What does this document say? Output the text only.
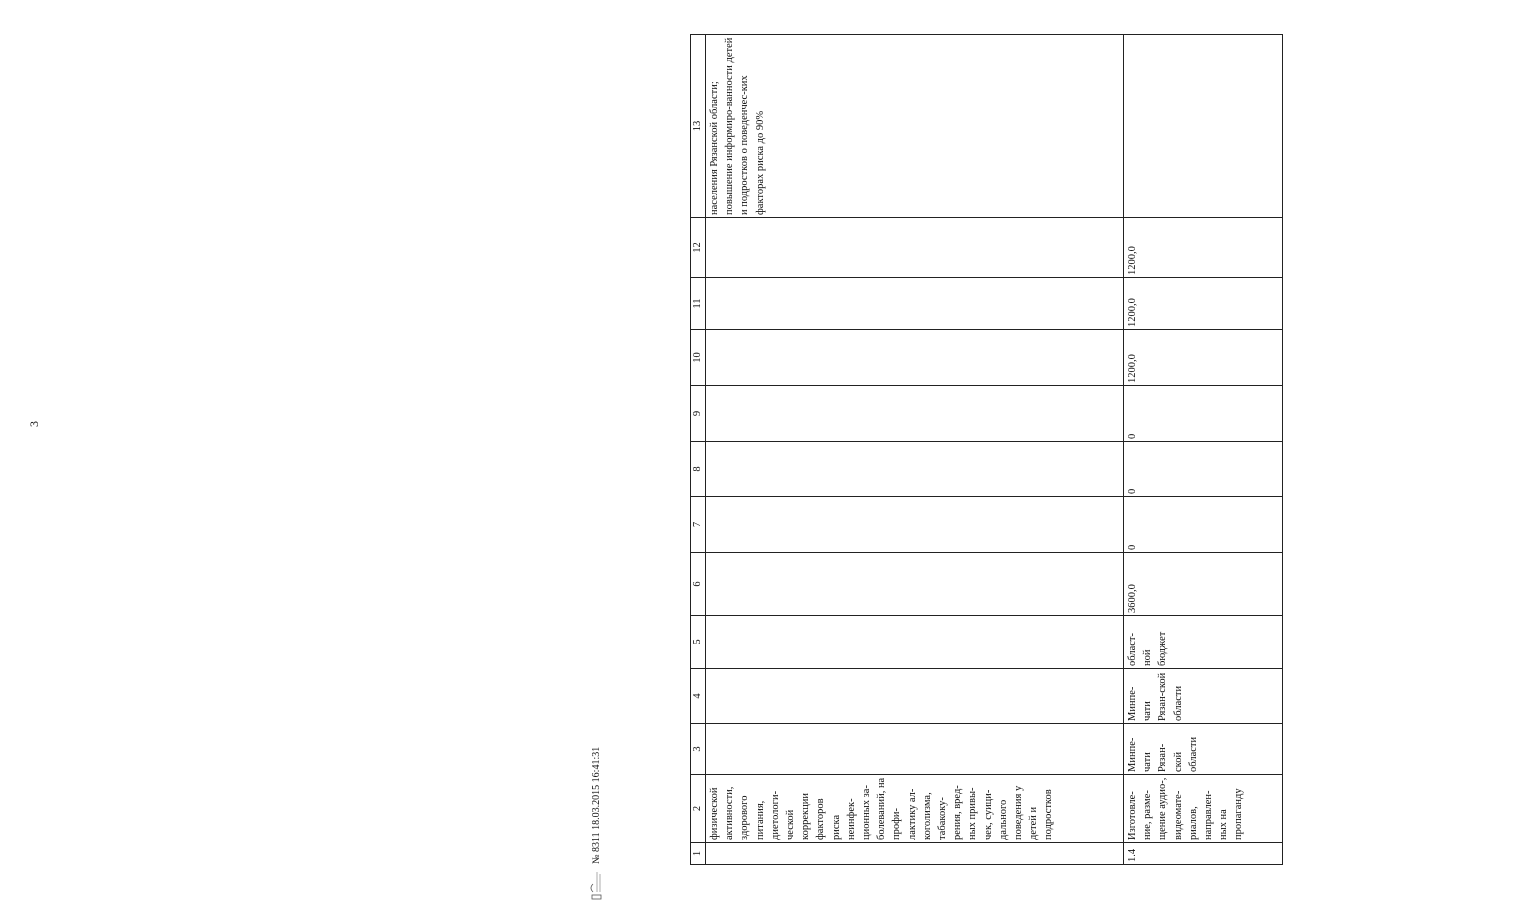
3
1	2	3	4	5	6	7	8	9	10	11	12	13
	физической активности, здорового питания, диетологи-ческой коррекции факторов риска неинфек-ционных за-болеваний, на профи-лактику ал-коголизма, табакоку-рения, вред-ных привы-чек, суици-дального поведения у детей и подростков											населения Рязанской области; повышение информиро-ванности детей и подростков о поведенчес-ких факторах риска до 90%
1.4	Изготовле-ние, разме-щение аудио-, видеомате-риалов, направлен-ных на пропаганду	Минпе-чати Рязан-ской области	Минпе-чати Рязан-ской области	област-ной бюджет	3600,0	0	0	0	1200,0	1200,0	1200,0	
№ 8311 18.03.2015 16:41:31
